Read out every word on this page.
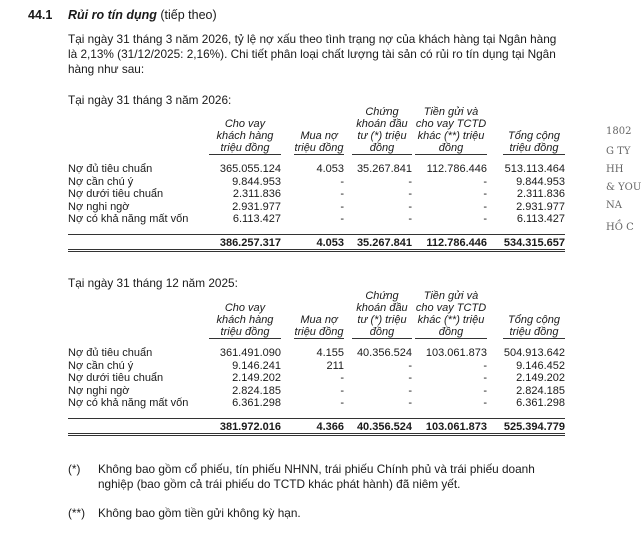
44.1 Rủi ro tín dụng (tiếp theo)
Tại ngày 31 tháng 3 năm 2026, tỷ lệ nợ xấu theo tình trạng nợ của khách hàng tại Ngân hàng là 2,13% (31/12/2025: 2,16%). Chi tiết phân loại chất lượng tài sản có rủi ro tín dụng tại Ngân hàng như sau:
Tại ngày 31 tháng 3 năm 2026:
	Cho vay khách hàng triệu đồng	Mua nợ triệu đồng	Chứng khoán đầu tư (*) triệu đồng	Tiền gửi và cho vay TCTD khác (**) triệu đồng	Tổng cộng triệu đồng

Nợ đủ tiêu chuẩn	365.055.124	4.053	35.267.841	112.786.446	513.113.464
Nợ cần chú ý	9.844.953	-	-	-	9.844.953
Nợ dưới tiêu chuẩn	2.311.836	-	-	-	2.311.836
Nợ nghi ngờ	2.931.977	-	-	-	2.931.977
Nợ có khả năng mất vốn	6.113.427	-	-	-	6.113.427

	386.257.317	4.053	35.267.841	112.786.446	534.315.657
Tại ngày 31 tháng 12 năm 2025:
	Cho vay khách hàng triệu đồng	Mua nợ triệu đồng	Chứng khoán đầu tư (*) triệu đồng	Tiền gửi và cho vay TCTD khác (**) triệu đồng	Tổng cộng triệu đồng

Nợ đủ tiêu chuẩn	361.491.090	4.155	40.356.524	103.061.873	504.913.642
Nợ cần chú ý	9.146.241	211	-	-	9.146.452
Nợ dưới tiêu chuẩn	2.149.202	-	-	-	2.149.202
Nợ nghi ngờ	2.824.185	-	-	-	2.824.185
Nợ có khả năng mất vốn	6.361.298	-	-	-	6.361.298

	381.972.016	4.366	40.356.524	103.061.873	525.394.779
(*) Không bao gồm cổ phiếu, tín phiếu NHNN, trái phiếu Chính phủ và trái phiếu doanh nghiệp (bao gồm cả trái phiếu do TCTD khác phát hành) đã niêm yết.
(**) Không bao gồm tiền gửi không kỳ hạn.
1802
G TY
HH
& YOU
NA
HỒ C
